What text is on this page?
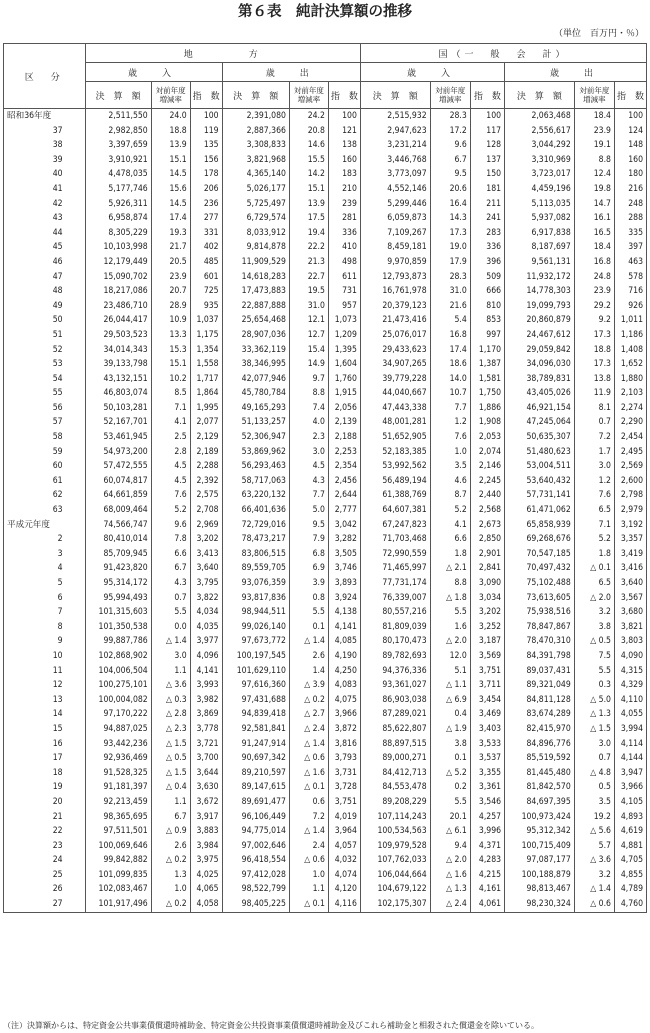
第６表　純計決算額の推移
（単位　百万円・％）
区　分	地　　　　方						国（一　般　会　計）					
	歳　入			歳　出			歳　入			歳　出		
	決　算　額	対前年度増減率	指　数	決　算　額	対前年度増減率	指　数	決　算　額	対前年度増減率	指　数	決　算　額	対前年度増減率	指　数
昭和36年度	2,511,550	24.0	100	2,391,080	24.2	100	2,515,932	28.3	100	2,063,468	18.4	100
37	2,982,850	18.8	119	2,887,366	20.8	121	2,947,623	17.2	117	2,556,617	23.9	124
38	3,397,659	13.9	135	3,308,833	14.6	138	3,231,214	9.6	128	3,044,292	19.1	148
39	3,910,921	15.1	156	3,821,968	15.5	160	3,446,768	6.7	137	3,310,969	8.8	160
40	4,478,035	14.5	178	4,365,140	14.2	183	3,773,097	9.5	150	3,723,017	12.4	180
41	5,177,746	15.6	206	5,026,177	15.1	210	4,552,146	20.6	181	4,459,196	19.8	216
42	5,926,311	14.5	236	5,725,497	13.9	239	5,299,446	16.4	211	5,113,035	14.7	248
43	6,958,874	17.4	277	6,729,574	17.5	281	6,059,873	14.3	241	5,937,082	16.1	288
44	8,305,229	19.3	331	8,033,912	19.4	336	7,109,267	17.3	283	6,917,838	16.5	335
45	10,103,998	21.7	402	9,814,878	22.2	410	8,459,181	19.0	336	8,187,697	18.4	397
46	12,179,449	20.5	485	11,909,529	21.3	498	9,970,859	17.9	396	9,561,131	16.8	463
47	15,090,702	23.9	601	14,618,283	22.7	611	12,793,873	28.3	509	11,932,172	24.8	578
48	18,217,086	20.7	725	17,473,883	19.5	731	16,761,978	31.0	666	14,778,303	23.9	716
49	23,486,710	28.9	935	22,887,888	31.0	957	20,379,123	21.6	810	19,099,793	29.2	926
50	26,044,417	10.9	1,037	25,654,468	12.1	1,073	21,473,416	5.4	853	20,860,879	9.2	1,011
51	29,503,523	13.3	1,175	28,907,036	12.7	1,209	25,076,017	16.8	997	24,467,612	17.3	1,186
52	34,014,343	15.3	1,354	33,362,119	15.4	1,395	29,433,623	17.4	1,170	29,059,842	18.8	1,408
53	39,133,798	15.1	1,558	38,346,995	14.9	1,604	34,907,265	18.6	1,387	34,096,030	17.3	1,652
54	43,132,151	10.2	1,717	42,077,946	9.7	1,760	39,779,228	14.0	1,581	38,789,831	13.8	1,880
55	46,803,074	8.5	1,864	45,780,784	8.8	1,915	44,040,667	10.7	1,750	43,405,026	11.9	2,103
56	50,103,281	7.1	1,995	49,165,293	7.4	2,056	47,443,338	7.7	1,886	46,921,154	8.1	2,274
57	52,167,701	4.1	2,077	51,133,257	4.0	2,139	48,001,281	1.2	1,908	47,245,064	0.7	2,290
58	53,461,945	2.5	2,129	52,306,947	2.3	2,188	51,652,905	7.6	2,053	50,635,307	7.2	2,454
59	54,973,200	2.8	2,189	53,869,962	3.0	2,253	52,183,385	1.0	2,074	51,480,623	1.7	2,495
60	57,472,555	4.5	2,288	56,293,463	4.5	2,354	53,992,562	3.5	2,146	53,004,511	3.0	2,569
61	60,074,817	4.5	2,392	58,717,063	4.3	2,456	56,489,194	4.6	2,245	53,640,432	1.2	2,600
62	64,661,859	7.6	2,575	63,220,132	7.7	2,644	61,388,769	8.7	2,440	57,731,141	7.6	2,798
63	68,009,464	5.2	2,708	66,401,636	5.0	2,777	64,607,381	5.2	2,568	61,471,062	6.5	2,979
平成元年度	74,566,747	9.6	2,969	72,729,016	9.5	3,042	67,247,823	4.1	2,673	65,858,939	7.1	3,192
2	80,410,014	7.8	3,202	78,473,217	7.9	3,282	71,703,468	6.6	2,850	69,268,676	5.2	3,357
3	85,709,945	6.6	3,413	83,806,515	6.8	3,505	72,990,559	1.8	2,901	70,547,185	1.8	3,419
4	91,423,820	6.7	3,640	89,559,705	6.9	3,746	71,465,997	△ 2.1	2,841	70,497,432	△ 0.1	3,416
5	95,314,172	4.3	3,795	93,076,359	3.9	3,893	77,731,174	8.8	3,090	75,102,488	6.5	3,640
6	95,994,493	0.7	3,822	93,817,836	0.8	3,924	76,339,007	△ 1.8	3,034	73,613,605	△ 2.0	3,567
7	101,315,603	5.5	4,034	98,944,511	5.5	4,138	80,557,216	5.5	3,202	75,938,516	3.2	3,680
8	101,350,538	0.0	4,035	99,026,140	0.1	4,141	81,809,039	1.6	3,252	78,847,867	3.8	3,821
9	99,887,786	△ 1.4	3,977	97,673,772	△ 1.4	4,085	80,170,473	△ 2.0	3,187	78,470,310	△ 0.5	3,803
10	102,868,902	3.0	4,096	100,197,545	2.6	4,190	89,782,693	12.0	3,569	84,391,798	7.5	4,090
11	104,006,504	1.1	4,141	101,629,110	1.4	4,250	94,376,336	5.1	3,751	89,037,431	5.5	4,315
12	100,275,101	△ 3.6	3,993	97,616,360	△ 3.9	4,083	93,361,027	△ 1.1	3,711	89,321,049	0.3	4,329
13	100,004,082	△ 0.3	3,982	97,431,688	△ 0.2	4,075	86,903,038	△ 6.9	3,454	84,811,128	△ 5.0	4,110
14	97,170,222	△ 2.8	3,869	94,839,418	△ 2.7	3,966	87,289,021	0.4	3,469	83,674,289	△ 1.3	4,055
15	94,887,025	△ 2.3	3,778	92,581,841	△ 2.4	3,872	85,622,807	△ 1.9	3,403	82,415,970	△ 1.5	3,994
16	93,442,236	△ 1.5	3,721	91,247,914	△ 1.4	3,816	88,897,515	3.8	3,533	84,896,776	3.0	4,114
17	92,936,469	△ 0.5	3,700	90,697,342	△ 0.6	3,793	89,000,271	0.1	3,537	85,519,592	0.7	4,144
18	91,528,325	△ 1.5	3,644	89,210,597	△ 1.6	3,731	84,412,713	△ 5.2	3,355	81,445,480	△ 4.8	3,947
19	91,181,397	△ 0.4	3,630	89,147,615	△ 0.1	3,728	84,553,478	0.2	3,361	81,842,570	0.5	3,966
20	92,213,459	1.1	3,672	89,691,477	0.6	3,751	89,208,229	5.5	3,546	84,697,395	3.5	4,105
21	98,365,695	6.7	3,917	96,106,449	7.2	4,019	107,114,243	20.1	4,257	100,973,424	19.2	4,893
22	97,511,501	△ 0.9	3,883	94,775,014	△ 1.4	3,964	100,534,563	△ 6.1	3,996	95,312,342	△ 5.6	4,619
23	100,069,646	2.6	3,984	97,002,646	2.4	4,057	109,979,528	9.4	4,371	100,715,409	5.7	4,881
24	99,842,882	△ 0.2	3,975	96,418,554	△ 0.6	4,032	107,762,033	△ 2.0	4,283	97,087,177	△ 3.6	4,705
25	101,099,835	1.3	4,025	97,412,028	1.0	4,074	106,044,664	△ 1.6	4,215	100,188,879	3.2	4,855
26	102,083,467	1.0	4,065	98,522,799	1.1	4,120	104,679,122	△ 1.3	4,161	98,813,467	△ 1.4	4,789
27	101,917,496	△ 0.2	4,058	98,405,225	△ 0.1	4,116	102,175,307	△ 2.4	4,061	98,230,324	△ 0.6	4,760
（注）決算額からは、特定資金公共事業債償還時補助金、特定資金公共投資事業債償還時補助金及びこれら補助金と相殺された償還金を除いている。
